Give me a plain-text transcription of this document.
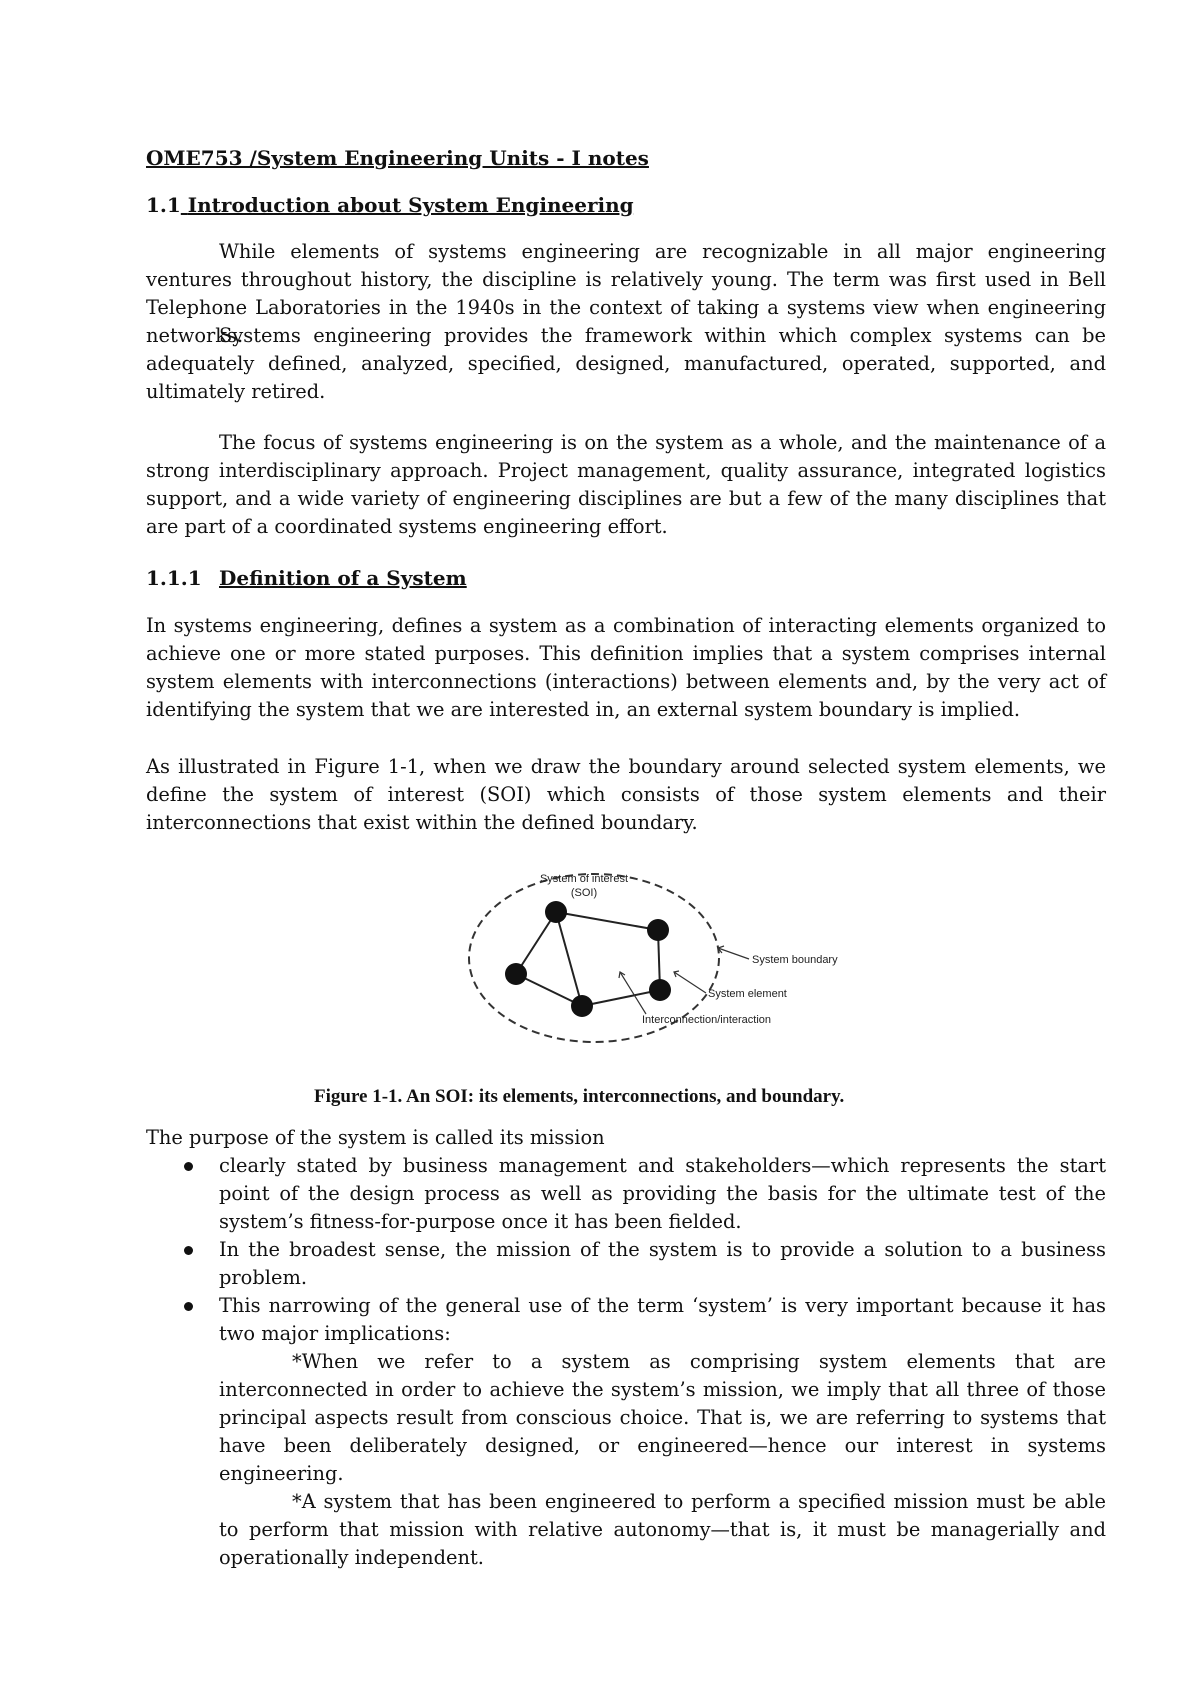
OME753 /System Engineering Units - I notes

1.1 Introduction about System Engineering

While elements of systems engineering are recognizable in all major engineering ventures throughout history, the discipline is relatively young. The term was first used in Bell Telephone Laboratories in the 1940s in the context of taking a systems view when engineering networks.

Systems engineering provides the framework within which complex systems can be adequately defined, analyzed, specified, designed, manufactured, operated, supported, and ultimately retired.

The focus of systems engineering is on the system as a whole, and the maintenance of a strong interdisciplinary approach. Project management, quality assurance, integrated logistics support, and a wide variety of engineering disciplines are but a few of the many disciplines that are part of a coordinated systems engineering effort.

1.1.1 Definition of a System

In systems engineering, defines a system as a combination of interacting elements organized to achieve one or more stated purposes. This definition implies that a system comprises internal system elements with interconnections (interactions) between elements and, by the very act of identifying the system that we are interested in, an external system boundary is implied.

As illustrated in Figure 1-1, when we draw the boundary around selected system elements, we define the system of interest (SOI) which consists of those system elements and their interconnections that exist within the defined boundary.

System of interest
(SOI)
System boundary
System element
Interconnection/interaction

Figure 1-1. An SOI: its elements, interconnections, and boundary.

The purpose of the system is called its mission

clearly stated by business management and stakeholders—which represents the start point of the design process as well as providing the basis for the ultimate test of the system’s fitness-for-purpose once it has been fielded.

In the broadest sense, the mission of the system is to provide a solution to a business problem.

This narrowing of the general use of the term ‘system’ is very important because it has two major implications:

*When we refer to a system as comprising system elements that are interconnected in order to achieve the system’s mission, we imply that all three of those principal aspects result from conscious choice. That is, we are referring to systems that have been deliberately designed, or engineered—hence our interest in systems engineering.

*A system that has been engineered to perform a specified mission must be able to perform that mission with relative autonomy—that is, it must be managerially and operationally independent.
